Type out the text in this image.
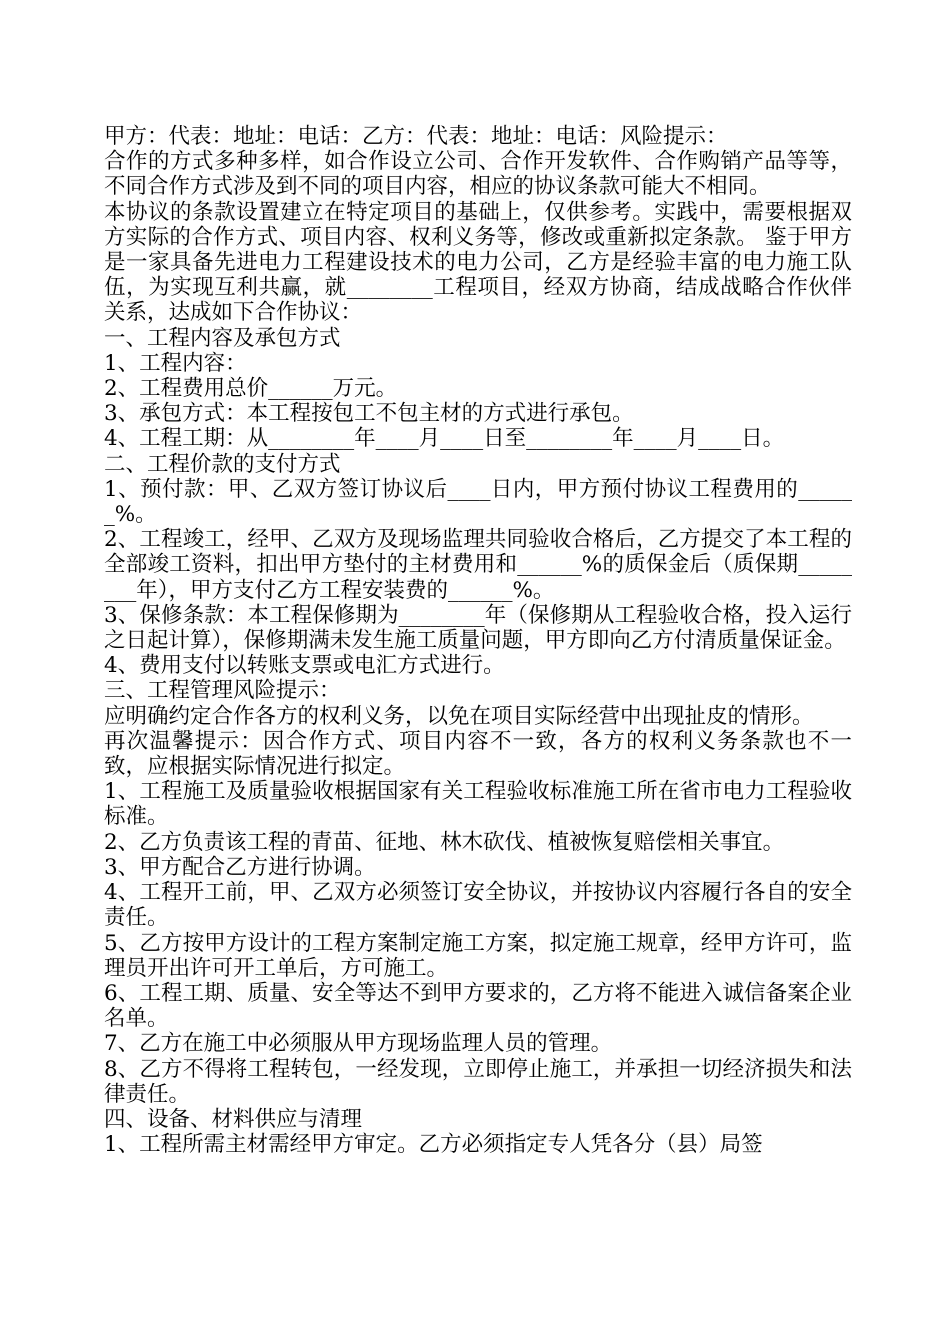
甲方：代表：地址：电话：乙方：代表：地址：电话：风险提示：

合作的方式多种多样，如合作设立公司、合作开发软件、合作购销产品等等，不同合作方式涉及到不同的项目内容，相应的协议条款可能大不相同。

本协议的条款设置建立在特定项目的基础上，仅供参考。实践中，需要根据双方实际的合作方式、项目内容、权利义务等，修改或重新拟定条款。 鉴于甲方是一家具备先进电力工程建设技术的电力公司，乙方是经验丰富的电力施工队伍，为实现互利共赢，就________工程项目，经双方协商，结成战略合作伙伴关系，达成如下合作协议：

一、工程内容及承包方式

1、工程内容：

2、工程费用总价______万元。

3、承包方式：本工程按包工不包主材的方式进行承包。

4、工程工期：从________年____月____日至________年____月____日。

二、工程价款的支付方式

1、预付款：甲、乙双方签订协议后____日内，甲方预付协议工程费用的______%。

2、工程竣工，经甲、乙双方及现场监理共同验收合格后，乙方提交了本工程的全部竣工资料，扣出甲方垫付的主材费用和______%的质保金后（质保期________年），甲方支付乙方工程安装费的______%。

3、保修条款：本工程保修期为________年（保修期从工程验收合格，投入运行之日起计算），保修期满未发生施工质量问题，甲方即向乙方付清质量保证金。

4、费用支付以转账支票或电汇方式进行。

三、工程管理风险提示：

应明确约定合作各方的权利义务，以免在项目实际经营中出现扯皮的情形。

再次温馨提示：因合作方式、项目内容不一致，各方的权利义务条款也不一致，应根据实际情况进行拟定。

1、工程施工及质量验收根据国家有关工程验收标准施工所在省市电力工程验收标准。

2、乙方负责该工程的青苗、征地、林木砍伐、植被恢复赔偿相关事宜。

3、甲方配合乙方进行协调。

4、工程开工前，甲、乙双方必须签订安全协议，并按协议内容履行各自的安全责任。

5、乙方按甲方设计的工程方案制定施工方案，拟定施工规章，经甲方许可，监理员开出许可开工单后，方可施工。

6、工程工期、质量、安全等达不到甲方要求的，乙方将不能进入诚信备案企业名单。

7、乙方在施工中必须服从甲方现场监理人员的管理。

8、乙方不得将工程转包，一经发现，立即停止施工，并承担一切经济损失和法律责任。

四、设备、材料供应与清理

1、工程所需主材需经甲方审定。乙方必须指定专人凭各分（县）局签
